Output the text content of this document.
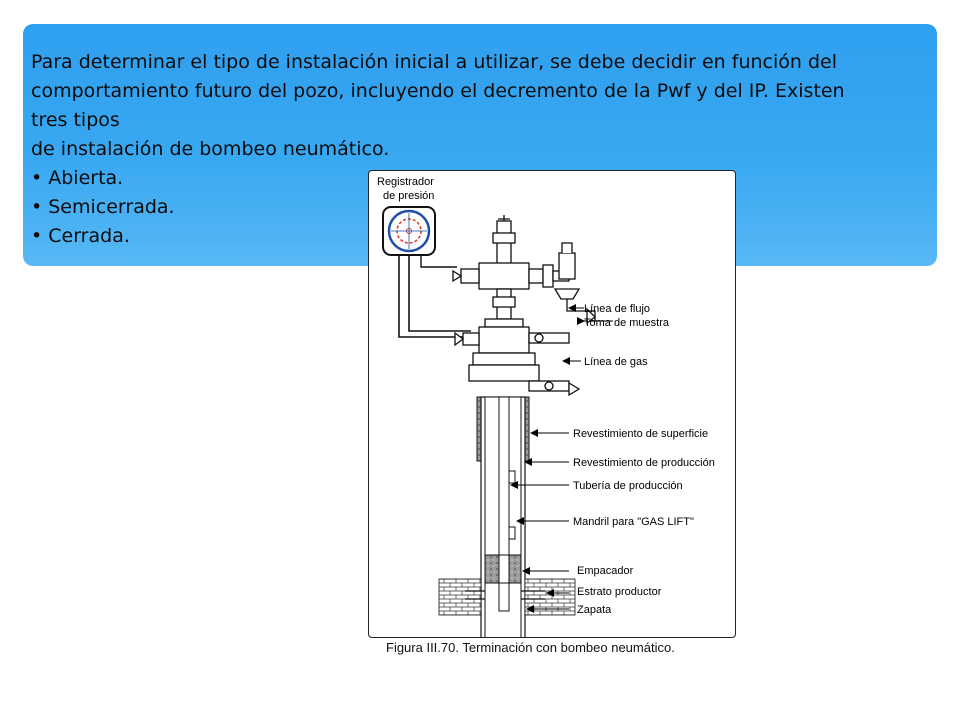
Para determinar el tipo de instalación inicial a utilizar, se debe decidir en función del

comportamiento futuro del pozo, incluyendo el decremento de la Pwf y del IP. Existen

tres tipos

de instalación de bombeo neumático.

• Abierta.
• Semicerrada.
• Cerrada.
Registrador
de presión
Línea de flujo
Toma de muestra
Línea de gas
Revestimiento de superficie
Revestimiento de producción
Tubería de producción
Mandril para "GAS LIFT"
Empacador
Estrato productor
Zapata
Figura III.70. Terminación con bombeo neumático.
